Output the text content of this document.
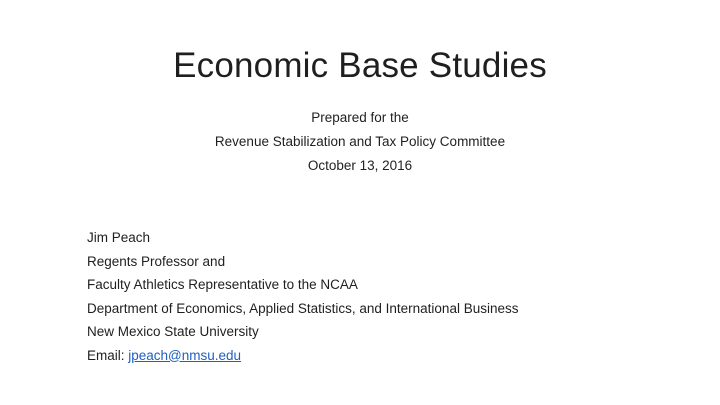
Economic Base Studies
Prepared for the
Revenue Stabilization and Tax Policy Committee
October 13, 2016
Jim Peach
Regents Professor and
Faculty Athletics Representative to the NCAA
Department of Economics, Applied Statistics, and International Business
New Mexico State University
Email: jpeach@nmsu.edu
